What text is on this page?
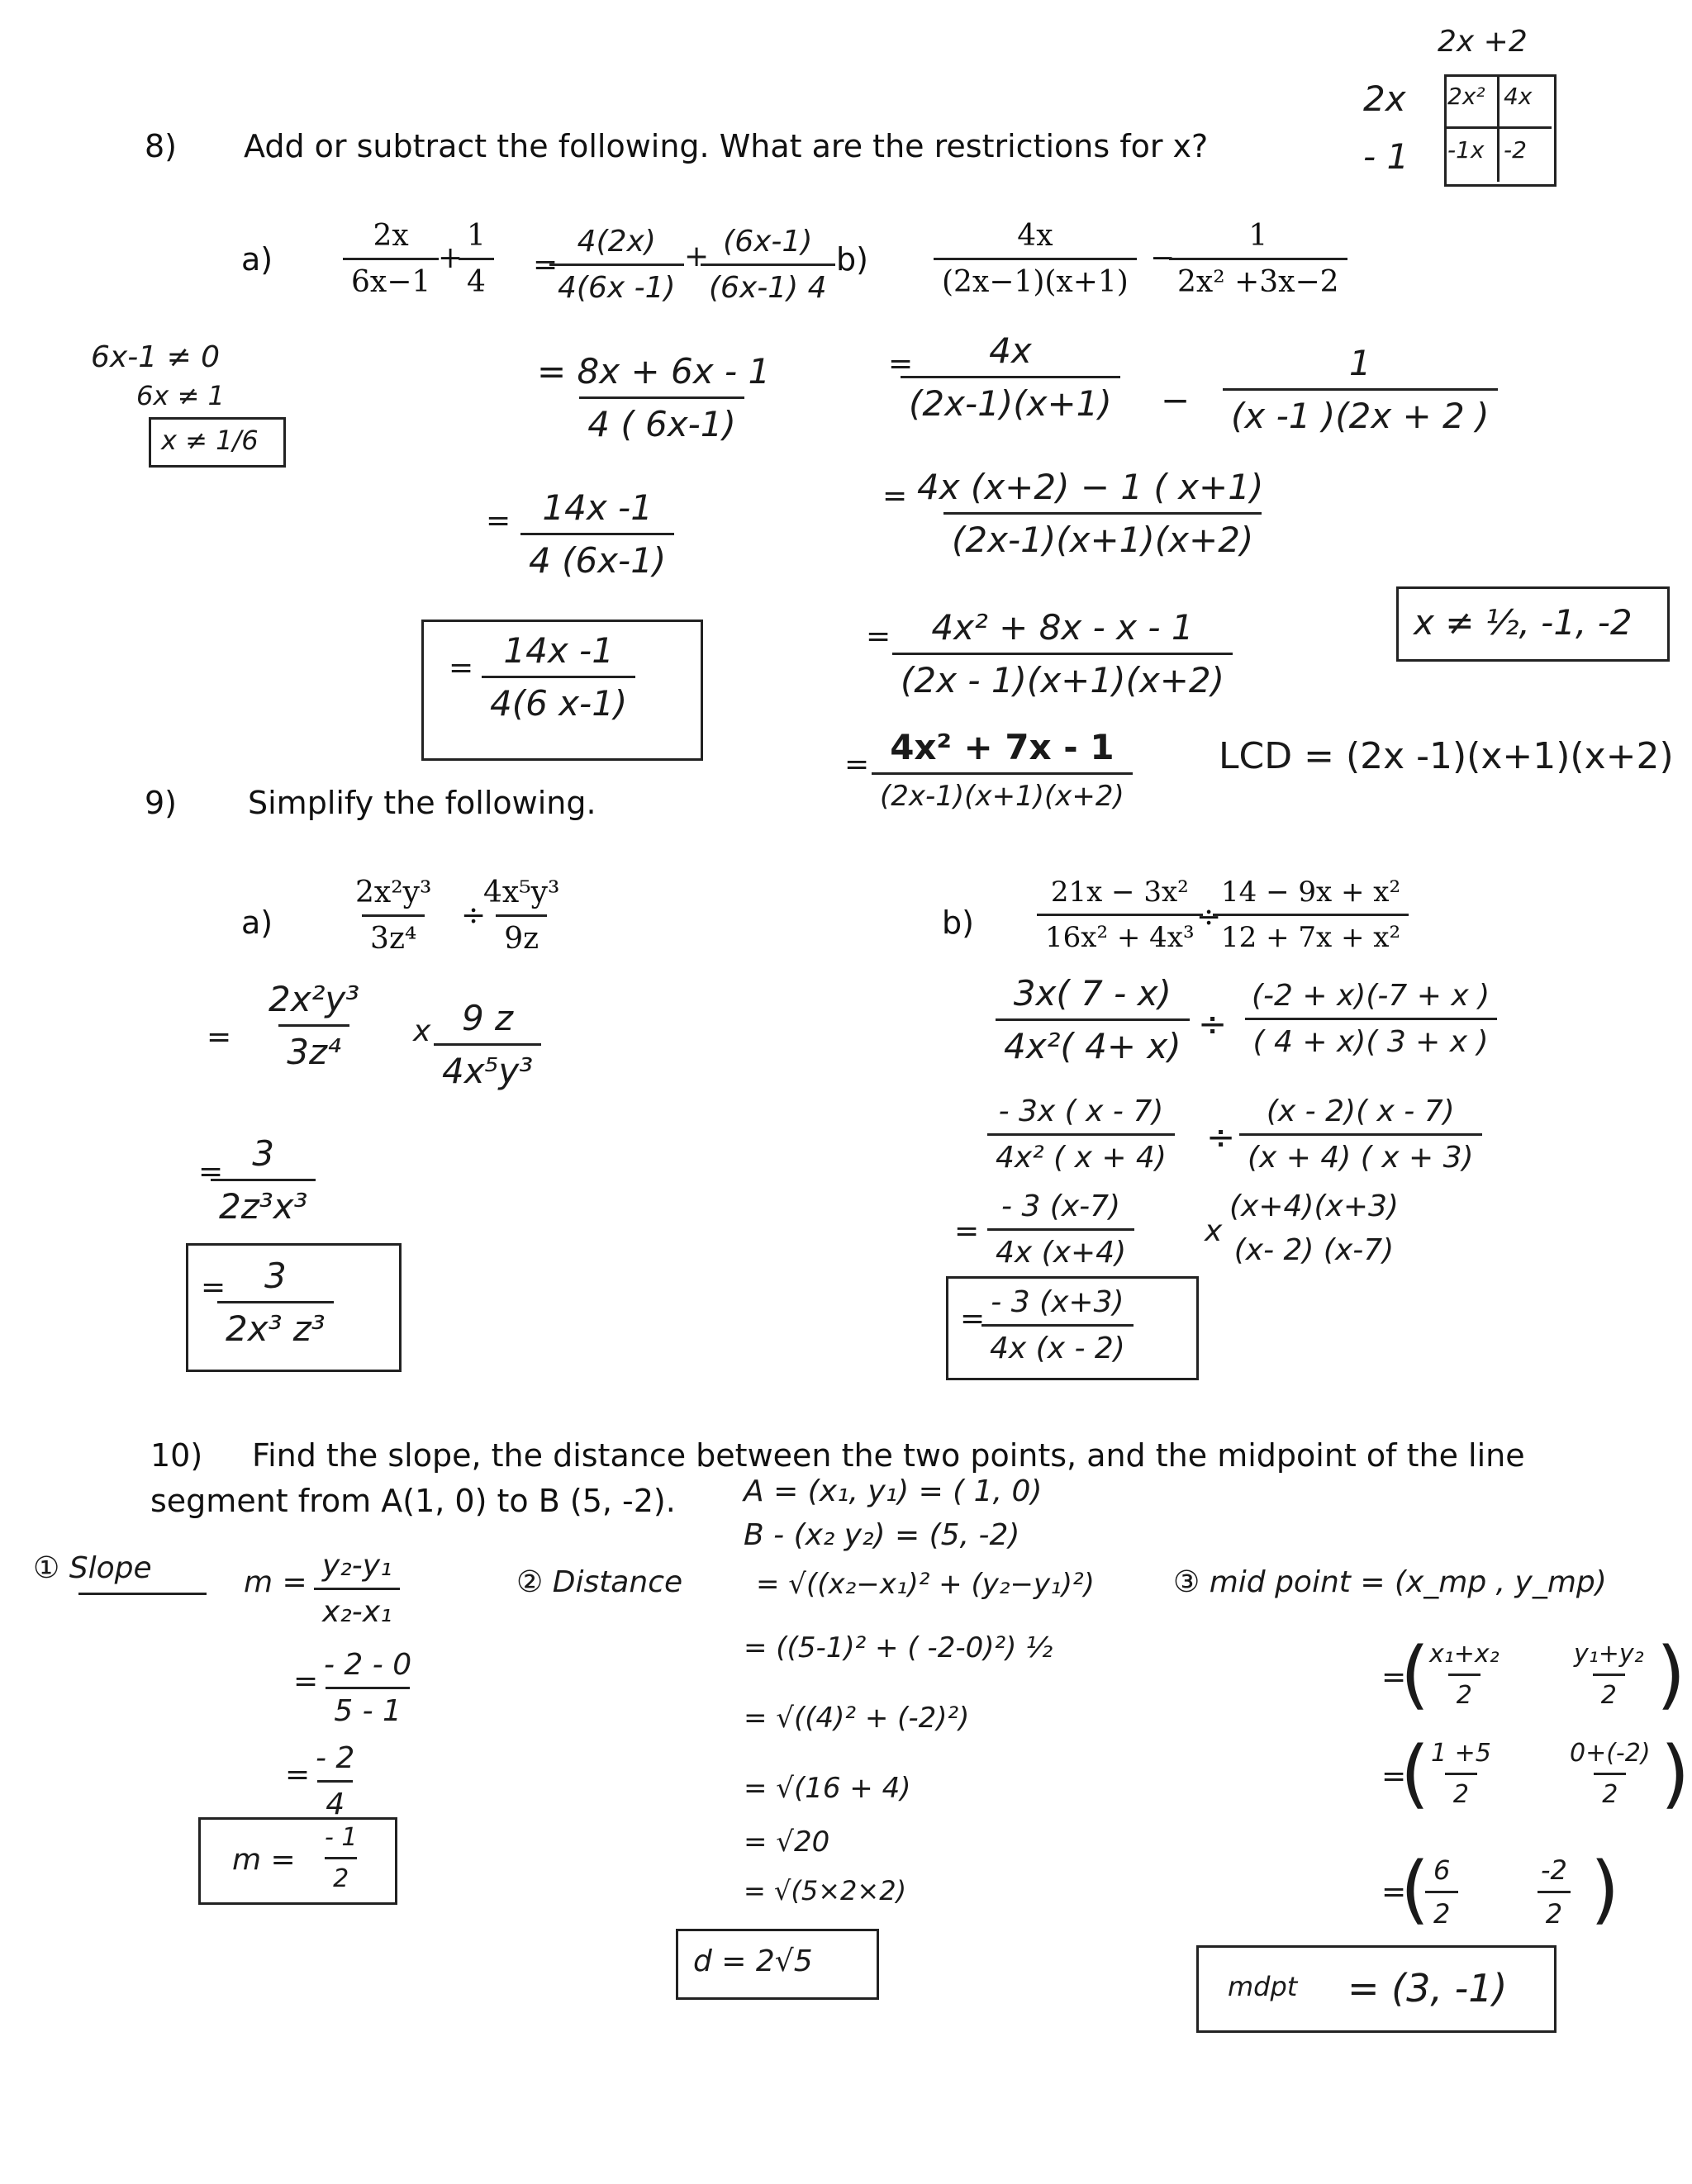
2x +2
2x
- 1
2x² 4x
-1x -2
8) Add or subtract the following. What are the restrictions for x?
$a) \frac{2x}{6x-1}$
+
$\frac{1}{4}$ =
$\frac{4(2x)}{4(6x -1)}$ +
$\frac{(6x-1)}{(6x-1) 4}$
$\frac{= 8x + 6x - 1}{4 ( 6x-1)}$
= $\frac{14x -1}{4 (6x-1)}$
= $\frac{14x -1}{4(6 x-1)}$
6x-1 ≠ 0
6x ≠ 1
x ≠ 1/6
$b) \frac{4x}{(2x-1)(x+1)}$ −
$\frac{1}{\text{2x² +3x−2}}$
=
$\frac{4x}{(2x-1)(x+1)} - \frac{1}{(x -1 )(2x + 2 )}$
= $\frac{4x (x+2) - 1 ( x+1)}{(2x-1)(x+1)(x+2)}$
= $\frac{\text{4x² + 8x - x - 1}}{(2x - 1)(x+1)(x+2)}$
= 4x² + 7x - 1
(2x-1)(x+1)(x+2)
x ≠ ½, -1, -2
LCD = (2x -1)(x+1)(x+2)
9) Simplify the following.
$a) \frac{\text{2x²y³}}{\text{3z⁴}}$ ÷
$\frac{\text{4x⁵y³}}{9z}$
= $\frac{\text{2x²y³}}{\text{3z⁴}}$ x $\frac{9 z}{\text{4x⁵y³}}$
=
$\frac{3}{\text{2z³x³}}$
=
$\frac{3}{\text{2x³ z³}}$
$b) \frac{\text{21x − 3x²}}{\text{16x² + 4x³}}$
÷
$\frac{\text{14 − 9x + x²}}{\text{12 + 7x + x²}}$
$\frac{3x( 7 - x)}{\text{4x²( 4+ x)}} \div \frac{(-2 + x)(-7 + x )}{( 4 + x)( 3 + x )}$
$\frac{- 3x ( x - 7)}{\text{4x² ( x + 4)}} \div \frac{(x - 2)( x - 7)}{(x + 4) ( x + 3)}$
= $\frac{- 3 (x-7)}{4x (x+4)}$ x
(x+4)(x+3)
(x- 2) (x-7)
=
$\frac{- 3 (x+3)}{4x (x - 2)}$
10) Find the slope, the distance between the two points, and the midpoint of the line
segment from A(1, 0) to B (5, -2). A = (x₁, y₁) = ( 1, 0)
B - (x₂ y₂) = (5, -2)
① Slope	$m = \frac{\text{y₂-y₁}}{\text{x₂-x₁}}$
=
$\frac{- 2 - 0}{5 - 1}$
=
$\frac{- 2}{4}$
$m = \frac{- 1}{2}$
② Distance	= √((x₂−x₁)² + (y₂−y₁)²)
= ((5-1)² + ( -2-0)²) ½
= √((4)² + (-2)²)
= √(16 + 4)
= √20
= √(5×2×2)
d = 2√5
③ mid point = (x_mp , y_mp)
=
(
$\frac{\text{x₁+x₂}}{2} \frac{\text{y₁+y₂}}{2}$ )
=
(
$\frac{1 +5}{2}$	$\frac{0+(-2)}{2}$ )
=
(
$\frac{6}{2}$	$\frac{-2}{2}$ )
mdpt = (3, -1)
